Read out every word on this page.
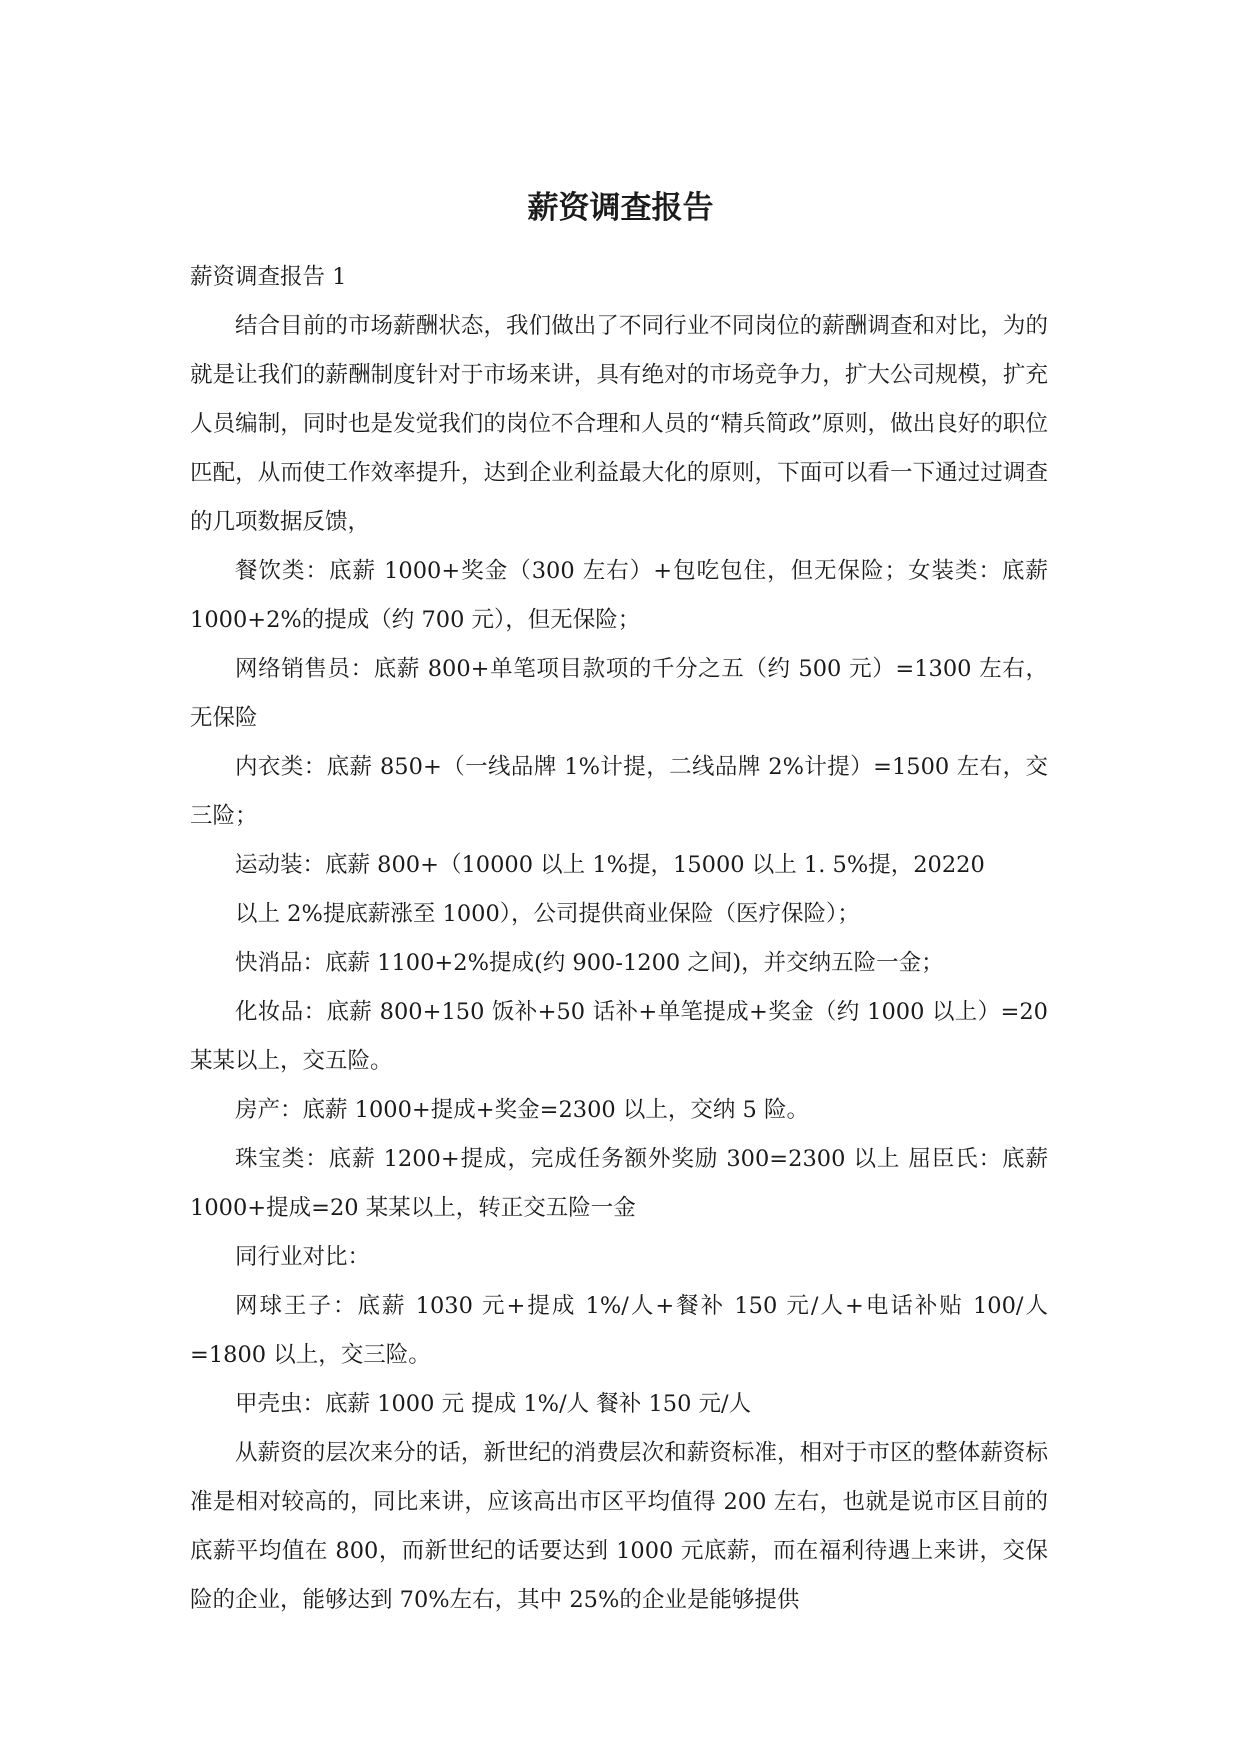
薪资调查报告

薪资调查报告 1

结合目前的市场薪酬状态，我们做出了不同行业不同岗位的薪酬调查和对比，为的就是让我们的薪酬制度针对于市场来讲，具有绝对的市场竞争力，扩大公司规模，扩充人员编制，同时也是发觉我们的岗位不合理和人员的“精兵简政”原则，做出良好的职位匹配，从而使工作效率提升，达到企业利益最大化的原则，下面可以看一下通过过调查的几项数据反馈，

餐饮类：底薪 1000+奖金（300 左右）+包吃包住，但无保险；女装类：底薪 1000+2%的提成（约 700 元），但无保险；

网络销售员：底薪 800+单笔项目款项的千分之五（约 500 元）=1300 左右，无保险

内衣类：底薪 850+（一线品牌 1%计提，二线品牌 2%计提）=1500 左右，交三险；

运动装：底薪 800+（10000 以上 1%提，15000 以上 1. 5%提，20220

以上 2%提底薪涨至 1000），公司提供商业保险（医疗保险）；

快消品：底薪 1100+2%提成(约 900-1200 之间)，并交纳五险一金；

化妆品：底薪 800+150 饭补+50 话补+单笔提成+奖金（约 1000 以上）=20 某某以上，交五险。

房产：底薪 1000+提成+奖金=2300 以上，交纳 5 险。

珠宝类：底薪 1200+提成，完成任务额外奖励 300=2300 以上 屈臣氏：底薪 1000+提成=20 某某以上，转正交五险一金

同行业对比：

网球王子：底薪 1030 元+提成 1%/人+餐补 150 元/人+电话补贴 100/人=1800 以上，交三险。

甲壳虫：底薪 1000 元 提成 1%/人 餐补 150 元/人

从薪资的层次来分的话，新世纪的消费层次和薪资标准，相对于市区的整体薪资标准是相对较高的，同比来讲，应该高出市区平均值得 200 左右，也就是说市区目前的底薪平均值在 800，而新世纪的话要达到 1000 元底薪，而在福利待遇上来讲，交保险的企业，能够达到 70%左右，其中 25%的企业是能够提供
